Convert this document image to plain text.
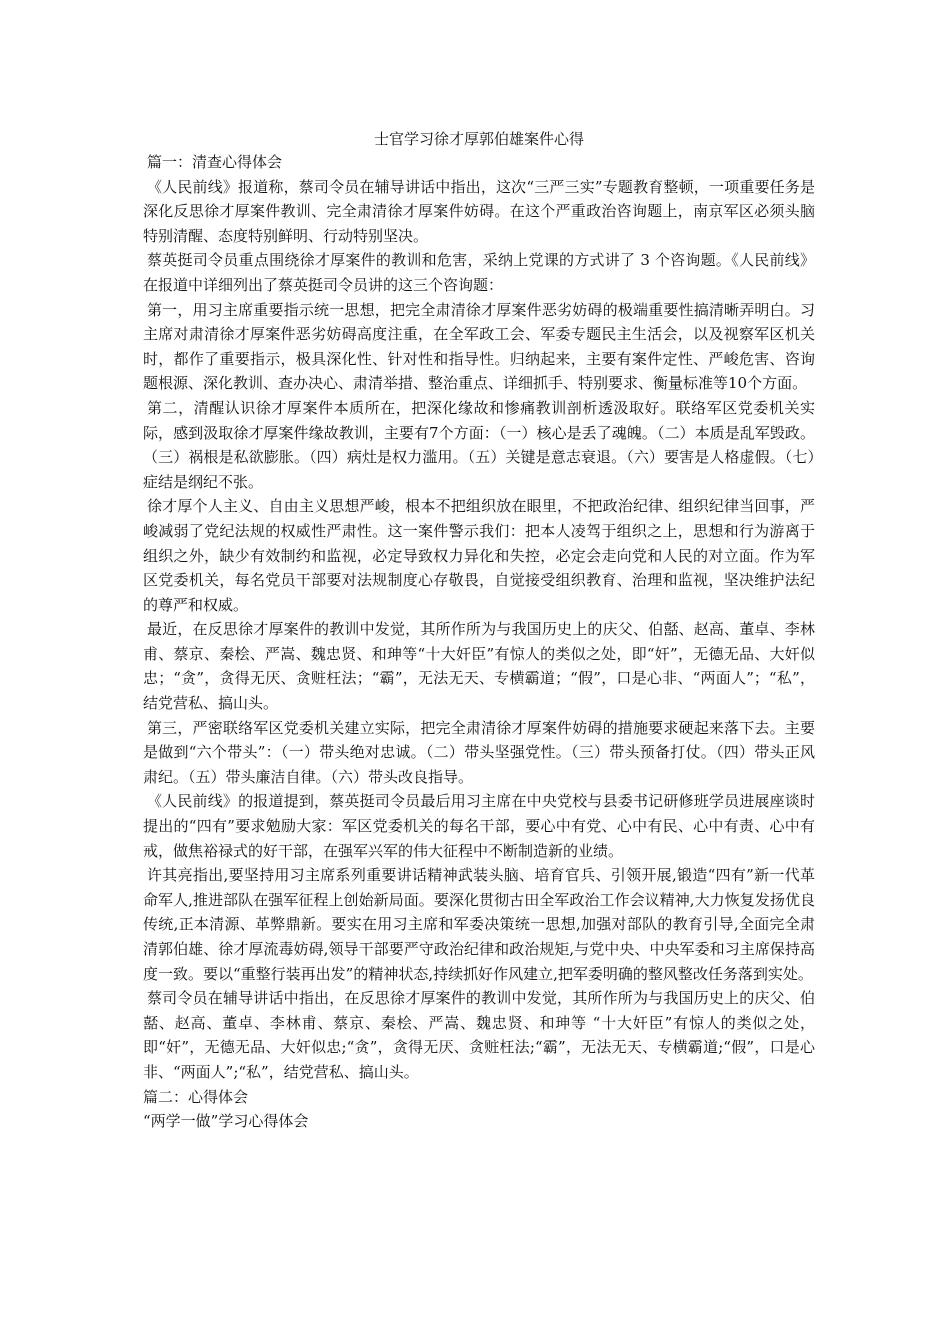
士官学习徐才厚郭伯雄案件心得
篇一：清查心得体会

《人民前线》报道称，蔡司令员在辅导讲话中指出，这次“三严三实”专题教育整顿，一项重要任务是深化反思徐才厚案件教训、完全肃清徐才厚案件妨碍。在这个严重政治咨询题上，南京军区必须头脑特别清醒、态度特别鲜明、行动特别坚决。

蔡英挺司令员重点围绕徐才厚案件的教训和危害，采纳上党课的方式讲了 3 个咨询题。《人民前线》在报道中详细列出了蔡英挺司令员讲的这三个咨询题：

第一，用习主席重要指示统一思想，把完全肃清徐才厚案件恶劣妨碍的极端重要性搞清晰弄明白。习主席对肃清徐才厚案件恶劣妨碍高度注重，在全军政工会、军委专题民主生活会，以及视察军区机关时，都作了重要指示，极具深化性、针对性和指导性。归纳起来，主要有案件定性、严峻危害、咨询题根源、深化教训、查办决心、肃清举措、整治重点、详细抓手、特别要求、衡量标准等10个方面。

第二，清醒认识徐才厚案件本质所在，把深化缘故和惨痛教训剖析透汲取好。联络军区党委机关实际，感到汲取徐才厚案件缘故教训，主要有7个方面：（一）核心是丢了魂魄。（二）本质是乱军毁政。（三）祸根是私欲膨胀。（四）病灶是权力滥用。（五）关键是意志衰退。（六）要害是人格虚假。（七）症结是纲纪不张。

徐才厚个人主义、自由主义思想严峻，根本不把组织放在眼里，不把政治纪律、组织纪律当回事，严峻减弱了党纪法规的权威性严肃性。这一案件警示我们：把本人凌驾于组织之上，思想和行为游离于组织之外，缺少有效制约和监视，必定导致权力异化和失控，必定会走向党和人民的对立面。作为军区党委机关，每名党员干部要对法规制度心存敬畏，自觉接受组织教育、治理和监视，坚决维护法纪的尊严和权威。

最近，在反思徐才厚案件的教训中发觉，其所作所为与我国历史上的庆父、伯嚭、赵高、董卓、李林甫、蔡京、秦桧、严嵩、魏忠贤、和珅等“十大奸臣”有惊人的类似之处，即“奸”，无德无品、大奸似忠；“贪”，贪得无厌、贪赃枉法；“霸”，无法无天、专横霸道；“假”，口是心非、“两面人”；“私”，结党营私、搞山头。

第三，严密联络军区党委机关建立实际，把完全肃清徐才厚案件妨碍的措施要求硬起来落下去。主要是做到“六个带头”：（一）带头绝对忠诚。（二）带头坚强党性。（三）带头预备打仗。（四）带头正风肃纪。（五）带头廉洁自律。（六）带头改良指导。

《人民前线》的报道提到，蔡英挺司令员最后用习主席在中央党校与县委书记研修班学员进展座谈时提出的“四有”要求勉励大家：军区党委机关的每名干部，要心中有党、心中有民、心中有责、心中有戒，做焦裕禄式的好干部，在强军兴军的伟大征程中不断制造新的业绩。

许其亮指出,要坚持用习主席系列重要讲话精神武装头脑、培育官兵、引领开展,锻造“四有”新一代革命军人,推进部队在强军征程上创始新局面。要深化贯彻古田全军政治工作会议精神,大力恢复发扬优良传统,正本清源、革弊鼎新。要实在用习主席和军委决策统一思想,加强对部队的教育引导,全面完全肃清郭伯雄、徐才厚流毒妨碍,领导干部要严守政治纪律和政治规矩,与党中央、中央军委和习主席保持高度一致。要以“重整行装再出发”的精神状态,持续抓好作风建立,把军委明确的整风整改任务落到实处。

蔡司令员在辅导讲话中指出，在反思徐才厚案件的教训中发觉，其所作所为与我国历史上的庆父、伯嚭、赵高、董卓、李林甫、蔡京、秦桧、严嵩、魏忠贤、和珅等 “十大奸臣”有惊人的类似之处，即“奸”，无德无品、大奸似忠;“贪”，贪得无厌、贪赃枉法;“霸”，无法无天、专横霸道;“假”，口是心非、“两面人”;“私”，结党营私、搞山头。

篇二：心得体会

“两学一做”学习心得体会
